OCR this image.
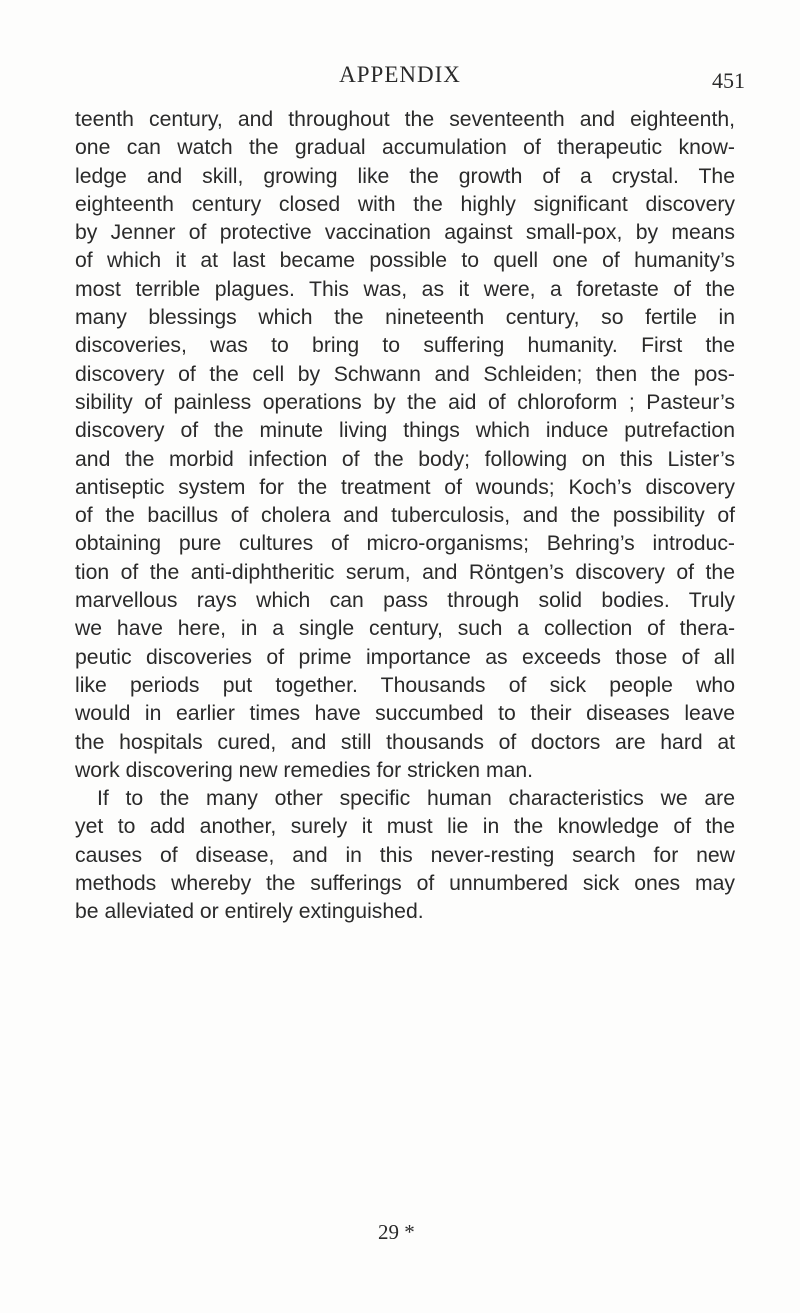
APPENDIX	451
teenth century, and throughout the seventeenth and eighteenth,
one can watch the gradual accumulation of therapeutic know-
ledge and skill, growing like the growth of a crystal. The
eighteenth century closed with the highly significant discovery
by Jenner of protective vaccination against small-pox, by means
of which it at last became possible to quell one of humanity’s
most terrible plagues. This was, as it were, a foretaste of the
many blessings which the nineteenth century, so fertile in
discoveries, was to bring to suffering humanity. First the
discovery of the cell by Schwann and Schleiden; then the pos-
sibility of painless operations by the aid of chloroform ; Pasteur’s
discovery of the minute living things which induce putrefaction
and the morbid infection of the body; following on this Lister’s
antiseptic system for the treatment of wounds; Koch’s discovery
of the bacillus of cholera and tuberculosis, and the possibility of
obtaining pure cultures of micro-organisms; Behring’s introduc-
tion of the anti-diphtheritic serum, and Röntgen’s discovery of the
marvellous rays which can pass through solid bodies. Truly
we have here, in a single century, such a collection of thera-
peutic discoveries of prime importance as exceeds those of all
like periods put together. Thousands of sick people who
would in earlier times have succumbed to their diseases leave
the hospitals cured, and still thousands of doctors are hard at
work discovering new remedies for stricken man.
If to the many other specific human characteristics we are
yet to add another, surely it must lie in the knowledge of the
causes of disease, and in this never-resting search for new
methods whereby the sufferings of unnumbered sick ones may
be alleviated or entirely extinguished.
29 *
